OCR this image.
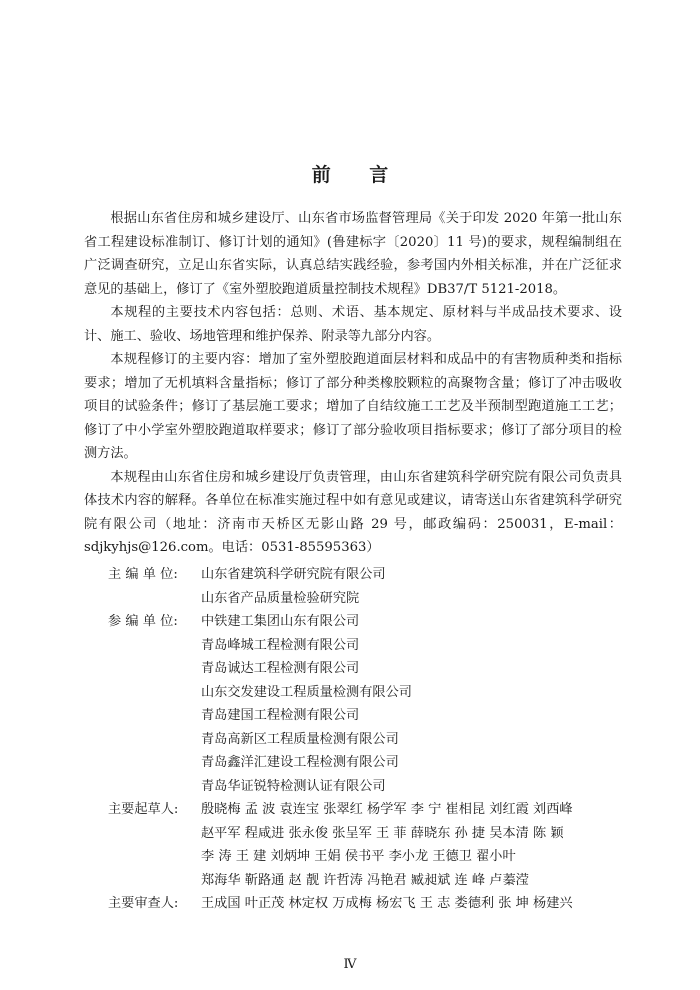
前 言

根据山东省住房和城乡建设厅、山东省市场监督管理局《关于印发 2020 年第一批山东省工程建设标准制订、修订计划的通知》(鲁建标字〔2020〕11 号)的要求，规程编制组在广泛调查研究，立足山东省实际，认真总结实践经验，参考国内外相关标准，并在广泛征求意见的基础上，修订了《室外塑胶跑道质量控制技术规程》DB37/T 5121-2018。

本规程的主要技术内容包括：总则、术语、基本规定、原材料与半成品技术要求、设计、施工、验收、场地管理和维护保养、附录等九部分内容。

本规程修订的主要内容：增加了室外塑胶跑道面层材料和成品中的有害物质种类和指标要求；增加了无机填料含量指标；修订了部分种类橡胶颗粒的高聚物含量；修订了冲击吸收项目的试验条件；修订了基层施工要求；增加了自结纹施工工艺及半预制型跑道施工工艺；修订了中小学室外塑胶跑道取样要求；修订了部分验收项目指标要求；修订了部分项目的检测方法。

本规程由山东省住房和城乡建设厅负责管理，由山东省建筑科学研究院有限公司负责具体技术内容的解释。各单位在标准实施过程中如有意见或建议，请寄送山东省建筑科学研究院有限公司（地址：济南市天桥区无影山路 29 号，邮政编码：250031，E-mail：sdjkyhjs@126.com。电话：0531-85595363）

主 编 单 位:	山东省建筑科学研究院有限公司
山东省产品质量检验研究院
参 编 单 位:	中铁建工集团山东有限公司
青岛峰城工程检测有限公司
青岛诚达工程检测有限公司
山东交发建设工程质量检测有限公司
青岛建国工程检测有限公司
青岛高新区工程质量检测有限公司
青岛鑫洋汇建设工程检测有限公司
青岛华证锐特检测认证有限公司
主要起草人:	殷晓梅 孟 波 袁连宝 张翠红 杨学军 李 宁 崔相昆 刘红霞 刘西峰
赵平军 程咸进 张永俊 张呈军 王 菲 薛晓东 孙 捷 吴本清 陈 颖
李 涛 王 建 刘炳坤 王娟 侯书平 李小龙 王德卫 翟小叶
郑海华 靳路通 赵 靓 许哲涛 冯艳君 臧昶斌 连 峰 卢蓁滢
主要审查人:	王成国 叶正茂 林定权 万成梅 杨宏飞 王 志 娄德利 张 坤 杨建兴
Ⅳ
